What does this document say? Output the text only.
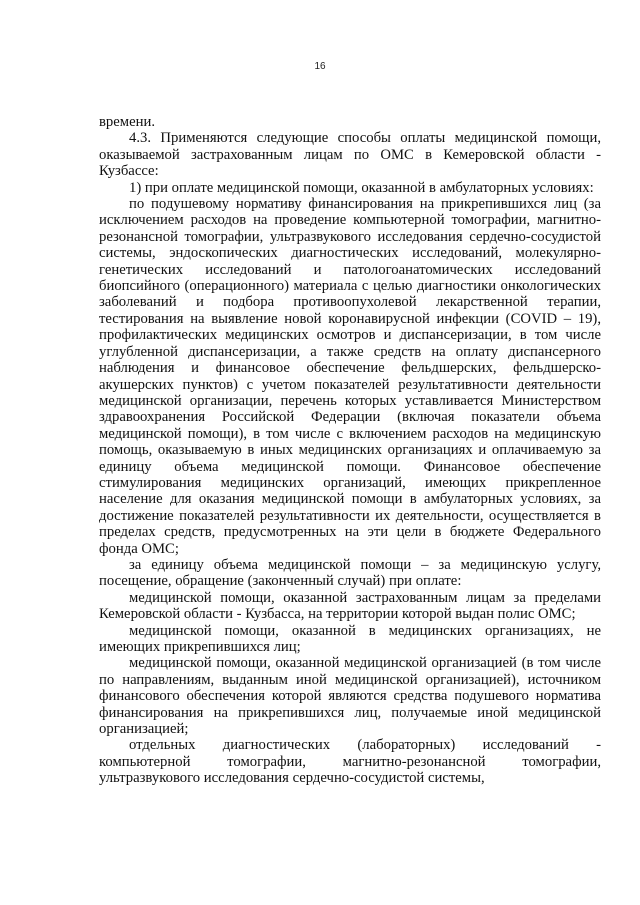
16

времени.

4.3. Применяются следующие способы оплаты медицинской помощи, оказываемой застрахованным лицам по ОМС в Кемеровской области - Кузбассе:

1) при оплате медицинской помощи, оказанной в амбулаторных условиях:

по подушевому нормативу финансирования на прикрепившихся лиц (за исключением расходов на проведение компьютерной томографии, магнитно-резонансной томографии, ультразвукового исследования сердечно-сосудистой системы, эндоскопических диагностических исследований, молекулярно-генетических исследований и патологоанатомических исследований биопсийного (операционного) материала с целью диагностики онкологических заболеваний и подбора противоопухолевой лекарственной терапии, тестирования на выявление новой коронавирусной инфекции (COVID – 19), профилактических медицинских осмотров и диспансеризации, в том числе углубленной диспансеризации, а также средств на оплату диспансерного наблюдения и финансовое обеспечение фельдшерских, фельдшерско-акушерских пунктов) с учетом показателей результативности деятельности медицинской организации, перечень которых уставливается Министерством здравоохранения Российской Федерации (включая показатели объема медицинской помощи), в том числе с включением расходов на медицинскую помощь, оказываемую в иных медицинских организациях и оплачиваемую за единицу объема медицинской помощи. Финансовое обеспечение стимулирования медицинских организаций, имеющих прикрепленное население для оказания медицинской помощи в амбулаторных условиях, за достижение показателей результативности их деятельности, осуществляется в пределах средств, предусмотренных на эти цели в бюджете Федерального фонда ОМС;

за единицу объема медицинской помощи – за медицинскую услугу, посещение, обращение (законченный случай) при оплате:

медицинской помощи, оказанной застрахованным лицам за пределами Кемеровской области - Кузбасса, на территории которой выдан полис ОМС;

медицинской помощи, оказанной в медицинских организациях, не имеющих прикрепившихся лиц;

медицинской помощи, оказанной медицинской организацией (в том числе по направлениям, выданным иной медицинской организацией), источником финансового обеспечения которой являются средства подушевого норматива финансирования на прикрепившихся лиц, получаемые иной медицинской организацией;

отдельных диагностических (лабораторных) исследований - компьютерной томографии, магнитно-резонансной томографии, ультразвукового исследования сердечно-сосудистой системы,
